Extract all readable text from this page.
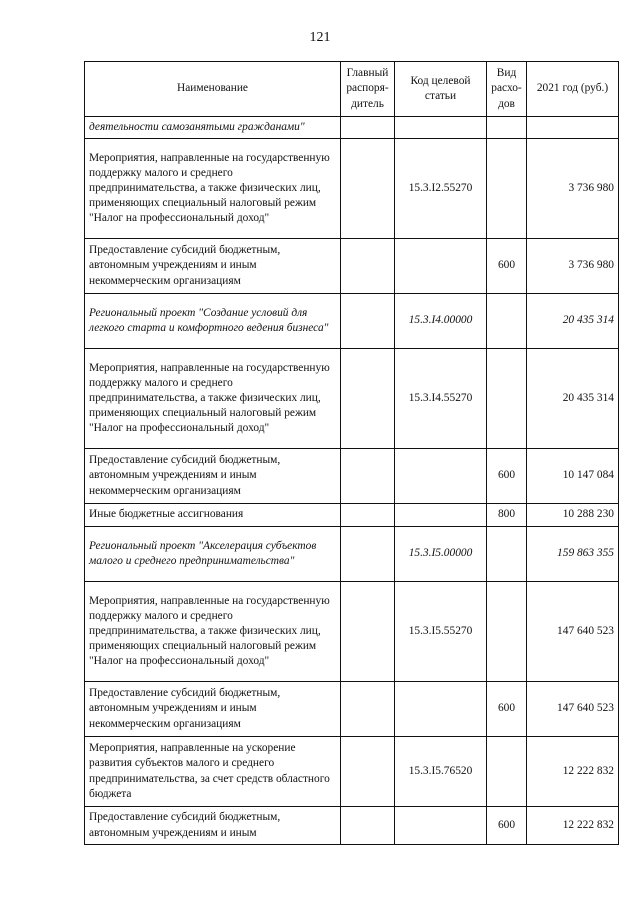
121
Наименование	Главный распоря-дитель	Код целевой статьи	Вид расхо-дов	2021 год (руб.)
деятельности самозанятыми гражданами"				
Мероприятия, направленные на государственную поддержку малого и среднего предпринимательства, а также физических лиц, применяющих специальный налоговый режим "Налог на профессиональный доход"		15.3.I2.55270		3 736 980
Предоставление субсидий бюджетным, автономным учреждениям и иным некоммерческим организациям			600	3 736 980
Региональный проект "Создание условий для легкого старта и комфортного ведения бизнеса"		15.3.I4.00000		20 435 314
Мероприятия, направленные на государственную поддержку малого и среднего предпринимательства, а также физических лиц, применяющих специальный налоговый режим "Налог на профессиональный доход"		15.3.I4.55270		20 435 314
Предоставление субсидий бюджетным, автономным учреждениям и иным некоммерческим организациям			600	10 147 084
Иные бюджетные ассигнования			800	10 288 230
Региональный проект "Акселерация субъектов малого и среднего предпринимательства"		15.3.I5.00000		159 863 355
Мероприятия, направленные на государственную поддержку малого и среднего предпринимательства, а также физических лиц, применяющих специальный налоговый режим "Налог на профессиональный доход"		15.3.I5.55270		147 640 523
Предоставление субсидий бюджетным, автономным учреждениям и иным некоммерческим организациям			600	147 640 523
Мероприятия, направленные на ускорение развития субъектов малого и среднего предпринимательства, за счет средств областного бюджета		15.3.I5.76520		12 222 832
Предоставление субсидий бюджетным, автономным учреждениям и иным			600	12 222 832
